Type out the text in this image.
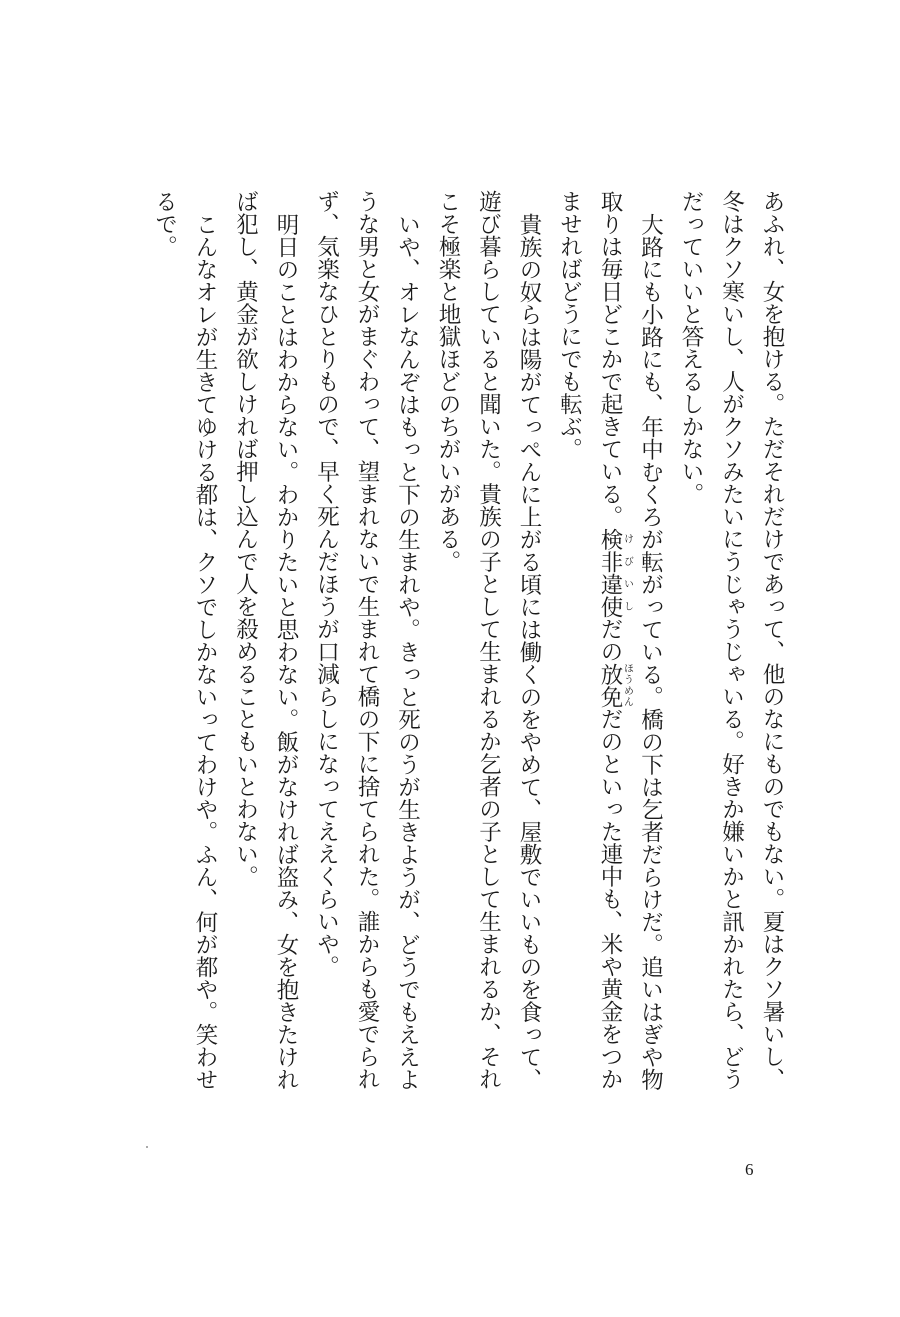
あふれ、女を抱ける。ただそれだけであって、他のなにものでもない。夏はクソ暑いし、冬はクソ寒いし、人がクソみたいにうじゃうじゃいる。好きか嫌いかと訊かれたら、どうだっていいと答えるしかない。

大路にも小路にも、年中むくろが転がっている。橋の下は乞者だらけだ。追いはぎや物取りは毎日どこかで起きている。検非違使けびいしだの放免ほうめんだのといった連中も、米や黄金をつかませればどうにでも転ぶ。

貴族の奴らは陽がてっぺんに上がる頃には働くのをやめて、屋敷でいいものを食って、遊び暮らしていると聞いた。貴族の子として生まれるか乞者の子として生まれるか、それこそ極楽と地獄ほどのちがいがある。

いや、オレなんぞはもっと下の生まれや。きっと死のうが生きようが、どうでもええような男と女がまぐわって、望まれないで生まれて橋の下に捨てられた。誰からも愛でられず、気楽なひとりもので、早く死んだほうが口減らしになってええくらいや。

明日のことはわからない。わかりたいと思わない。飯がなければ盗み、女を抱きたければ犯し、黄金が欲しければ押し込んで人を殺めることもいとわない。

こんなオレが生きてゆける都は、クソでしかないってわけや。ふん、何が都や。笑わせるで。

6
